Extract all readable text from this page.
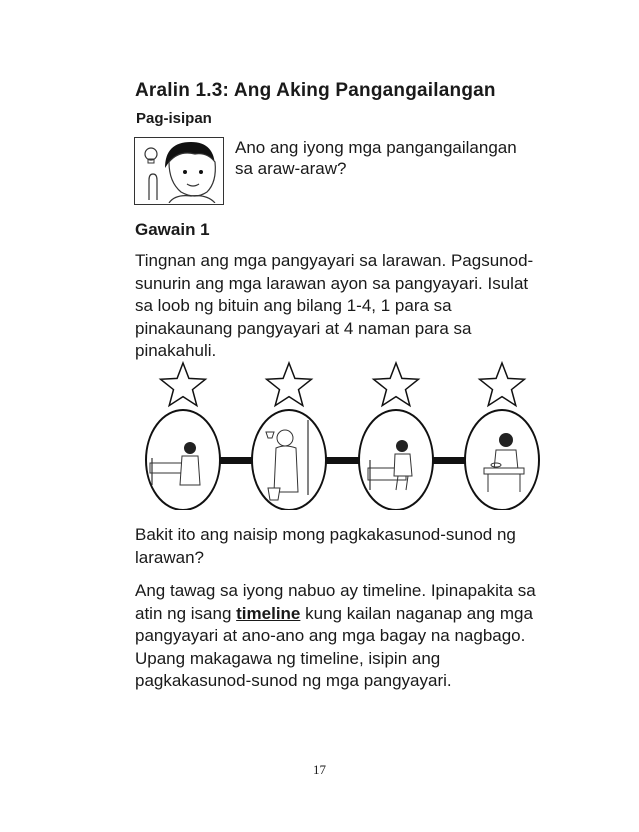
Aralin 1.3: Ang Aking Pangangailangan
Pag-isipan
Ano ang iyong mga pangangailangan sa araw-araw?
Gawain 1
Tingnan ang mga pangyayari sa larawan. Pagsunod-sunurin ang mga larawan ayon sa pangyayari. Isulat sa loob ng bituin ang bilang 1-4, 1 para sa pinakaunang pangyayari at 4 naman para sa pinakahuli.
Bakit ito ang naisip mong pagkakasunod-sunod ng larawan?
Ang tawag sa iyong nabuo ay timeline. Ipinapakita sa atin ng isang timeline kung kailan naganap ang mga pangyayari at ano-ano ang mga bagay na nagbago. Upang makagawa ng timeline, isipin ang pagkakasunod-sunod ng mga pangyayari.
17
